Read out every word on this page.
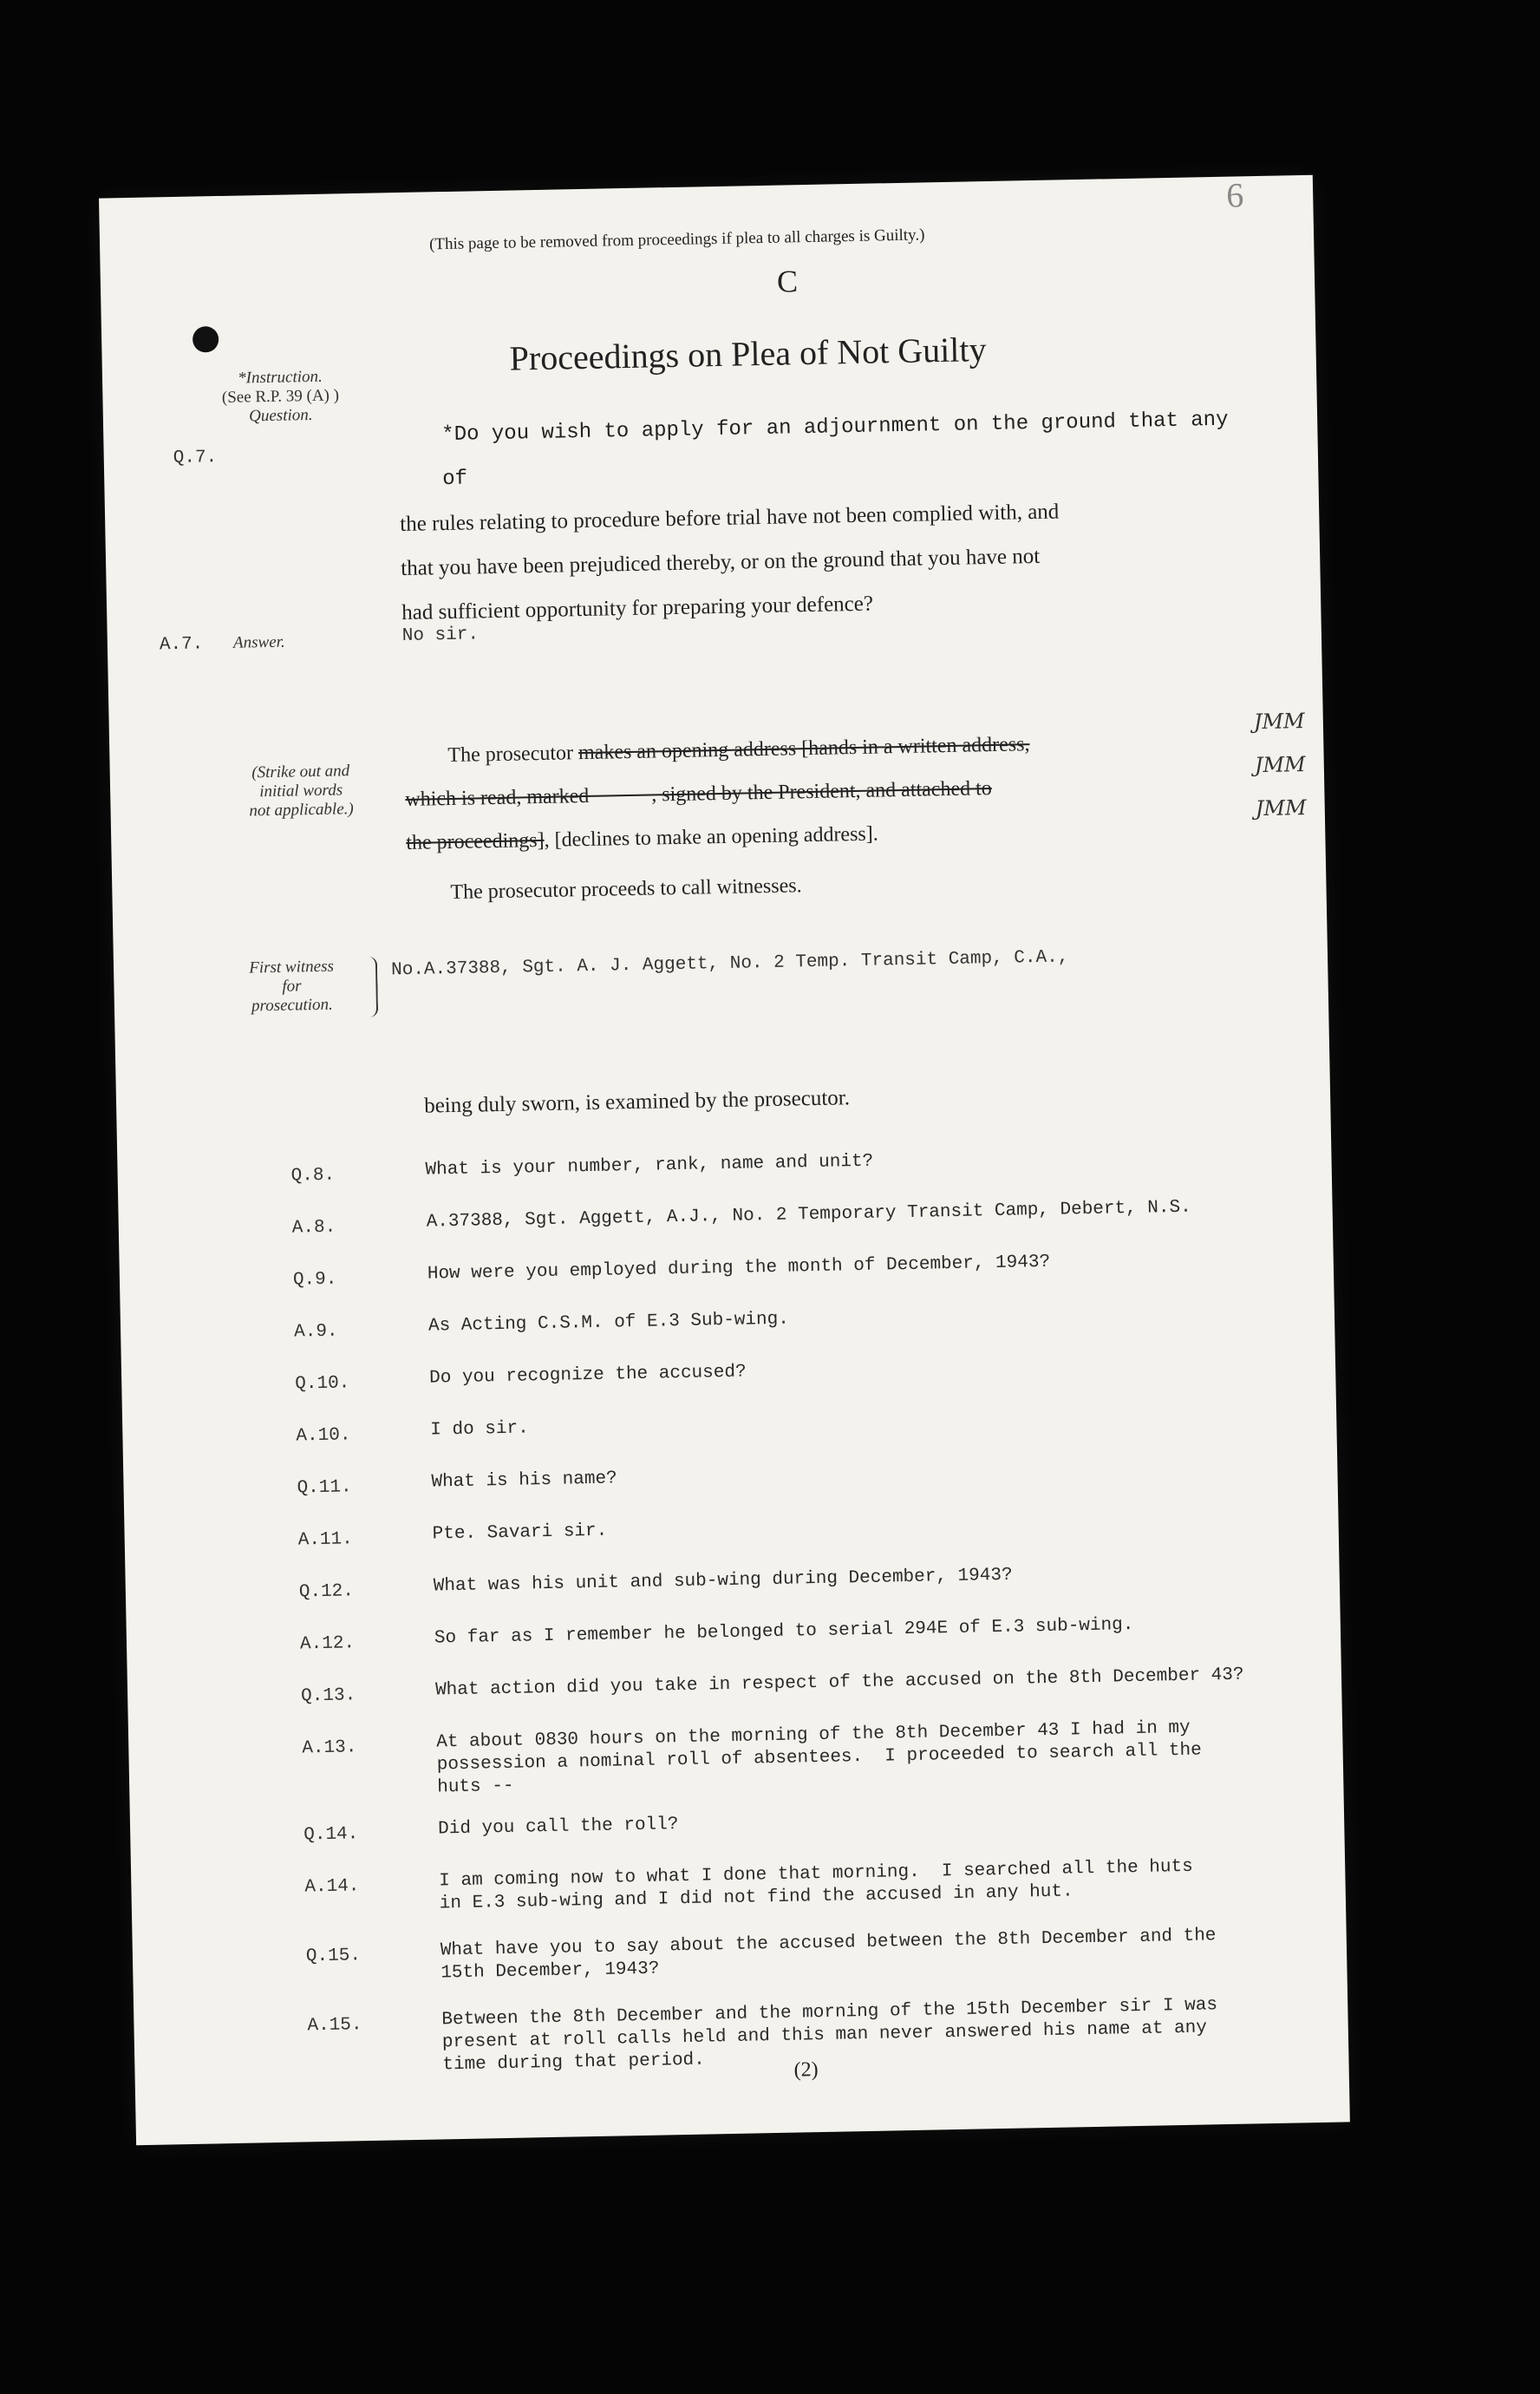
6
(This page to be removed from proceedings if plea to all charges is Guilty.)
C
*Instruction.
(See R.P. 39 (A) )
Question.
Proceedings on Plea of Not Guilty
Q.7.
*Do you wish to apply for an adjournment on the ground that any of
the rules relating to procedure before trial have not been complied with, and
that you have been prejudiced thereby, or on the ground that you have not
had sufficient opportunity for preparing your defence?
A.7.	Answer.	No sir.
(Strike out and
initial words
not applicable.)
The prosecutor makes an opening address [hands in a written address,
which is read, marked            , signed by the President, and attached to
the proceedings], [declines to make an opening address].
The prosecutor proceeds to call witnesses.
JMM
JMM
JMM
First witness
for
prosecution.
No.A.37388, Sgt. A. J. Aggett, No. 2 Temp. Transit Camp, C.A.,
being duly sworn, is examined by the prosecutor.
Q.8.	What is your number, rank, name and unit?
A.8.	A.37388, Sgt. Aggett, A.J., No. 2 Temporary Transit Camp, Debert, N.S.
Q.9.	How were you employed during the month of December, 1943?
A.9.	As Acting C.S.M. of E.3 Sub-wing.
Q.10.	Do you recognize the accused?
A.10.	I do sir.
Q.11.	What is his name?
A.11.	Pte. Savari sir.
Q.12.	What was his unit and sub-wing during December, 1943?
A.12.	So far as I remember he belonged to serial 294E of E.3 sub-wing.
Q.13.	What action did you take in respect of the accused on the 8th December 43?
A.13.	At about 0830 hours on the morning of the 8th December 43 I had in my
possession a nominal roll of absentees.  I proceeded to search all the
huts --
Q.14.	Did you call the roll?
A.14.	I am coming now to what I done that morning.  I searched all the huts
in E.3 sub-wing and I did not find the accused in any hut.
Q.15.	What have you to say about the accused between the 8th December and the
15th December, 1943?
A.15.	Between the 8th December and the morning of the 15th December sir I was
present at roll calls held and this man never answered his name at any
time during that period.	(2)
